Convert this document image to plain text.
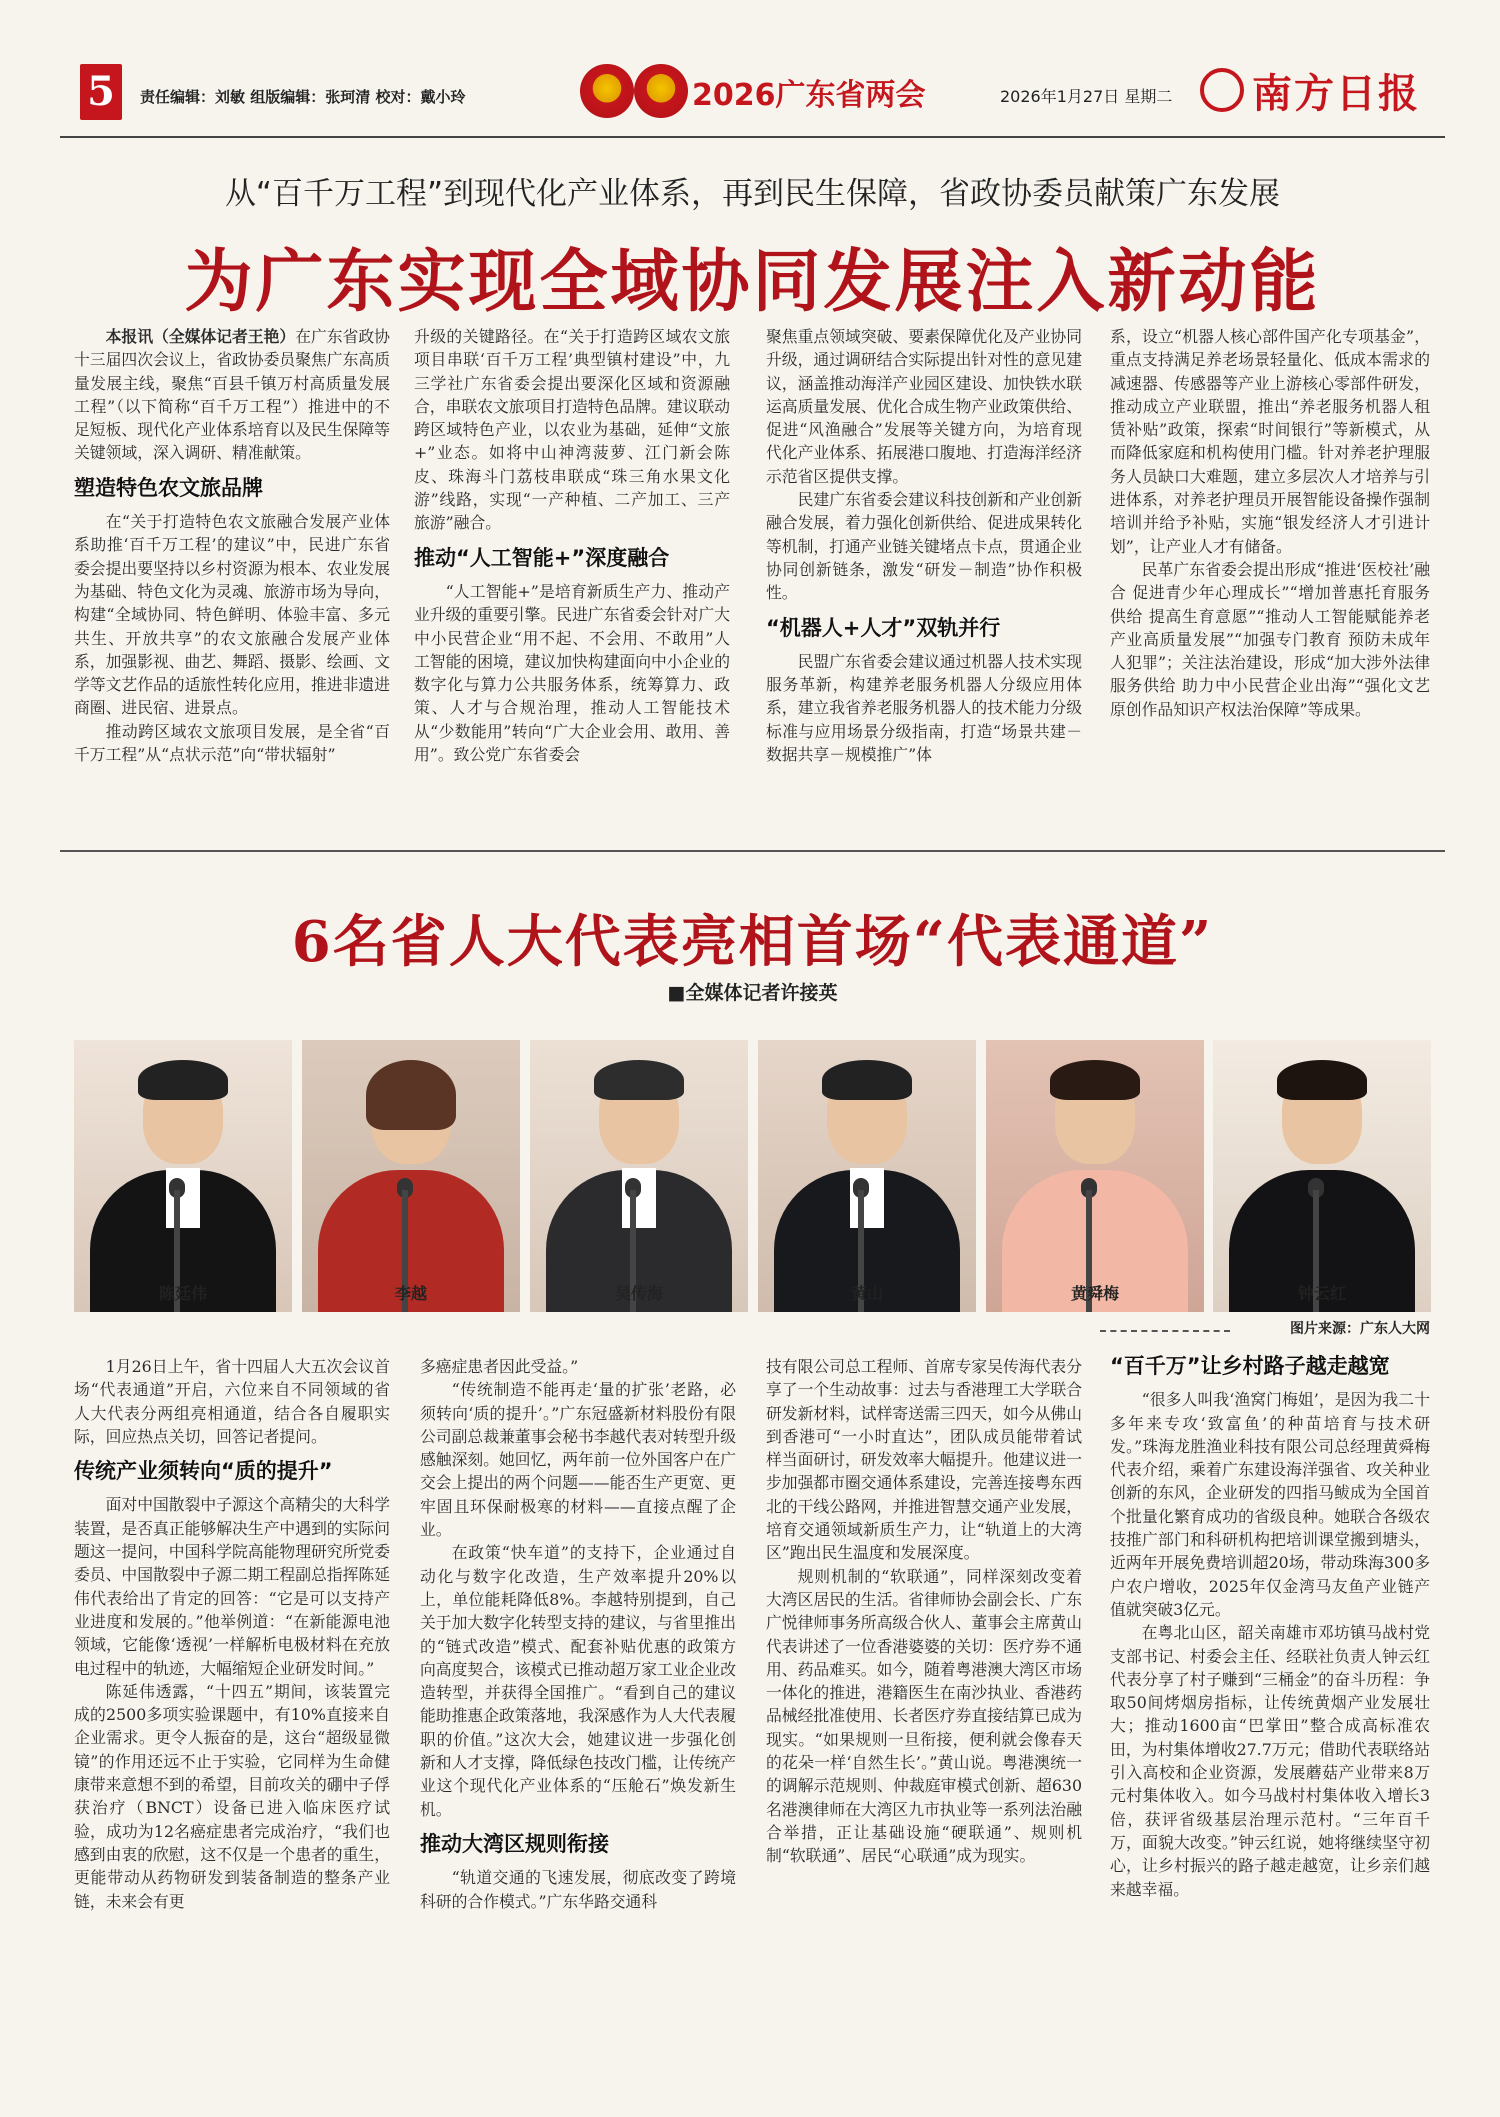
5	责任编辑：刘敏 组版编辑：张珂清 校对：戴小玲	2026广东省两会	2026年1月27日 星期二 南方日报
从“百千万工程”到现代化产业体系，再到民生保障，省政协委员献策广东发展
为广东实现全域协同发展注入新动能

本报讯（全媒体记者王艳）在广东省政协十三届四次会议上，省政协委员聚焦广东高质量发展主线，聚焦“百县千镇万村高质量发展工程”（以下简称“百千万工程”）推进中的不足短板、现代化产业体系培育以及民生保障等关键领域，深入调研、精准献策。

塑造特色农文旅品牌

在“关于打造特色农文旅融合发展产业体系助推‘百千万工程’的建议”中，民进广东省委会提出要坚持以乡村资源为根本、农业发展为基础、特色文化为灵魂、旅游市场为导向，构建“全域协同、特色鲜明、体验丰富、多元共生、开放共享”的农文旅融合发展产业体系，加强影视、曲艺、舞蹈、摄影、绘画、文学等文艺作品的适旅性转化应用，推进非遗进商圈、进民宿、进景点。

推动跨区域农文旅项目发展，是全省“百千万工程”从“点状示范”向“带状辐射”

升级的关键路径。在“关于打造跨区域农文旅项目串联‘百千万工程’典型镇村建设”中，九三学社广东省委会提出要深化区域和资源融合，串联农文旅项目打造特色品牌。建议联动跨区域特色产业，以农业为基础，延伸“文旅+”业态。如将中山神湾菠萝、江门新会陈皮、珠海斗门荔枝串联成“珠三角水果文化游”线路，实现“一产种植、二产加工、三产旅游”融合。

推动“人工智能+”深度融合

“人工智能+”是培育新质生产力、推动产业升级的重要引擎。民进广东省委会针对广大中小民营企业“用不起、不会用、不敢用”人工智能的困境，建议加快构建面向中小企业的数字化与算力公共服务体系，统筹算力、政策、人才与合规治理，推动人工智能技术从“少数能用”转向“广大企业会用、敢用、善用”。致公党广东省委会

聚焦重点领域突破、要素保障优化及产业协同升级，通过调研结合实际提出针对性的意见建议，涵盖推动海洋产业园区建设、加快铁水联运高质量发展、优化合成生物产业政策供给、促进“风渔融合”发展等关键方向，为培育现代化产业体系、拓展港口腹地、打造海洋经济示范省区提供支撑。

民建广东省委会建议科技创新和产业创新融合发展，着力强化创新供给、促进成果转化等机制，打通产业链关键堵点卡点，贯通企业协同创新链条，激发“研发－制造”协作积极性。

“机器人+人才”双轨并行

民盟广东省委会建议通过机器人技术实现服务革新，构建养老服务机器人分级应用体系，建立我省养老服务机器人的技术能力分级标准与应用场景分级指南，打造“场景共建－数据共享－规模推广”体

系，设立“机器人核心部件国产化专项基金”，重点支持满足养老场景轻量化、低成本需求的减速器、传感器等产业上游核心零部件研发，推动成立产业联盟，推出“养老服务机器人租赁补贴”政策，探索“时间银行”等新模式，从而降低家庭和机构使用门槛。针对养老护理服务人员缺口大难题，建立多层次人才培养与引进体系，对养老护理员开展智能设备操作强制培训并给予补贴，实施“银发经济人才引进计划”，让产业人才有储备。

民革广东省委会提出形成“推进‘医校社’融合 促进青少年心理成长”“增加普惠托育服务供给 提高生育意愿”“推动人工智能赋能养老产业高质量发展”“加强专门教育 预防未成年人犯罪”；关注法治建设，形成“加大涉外法律服务供给 助力中小民营企业出海”“强化文艺原创作品知识产权法治保障”等成果。

6名省人大代表亮相首场“代表通道”
■全媒体记者许接英
陈廷伟	李越	吴传海	黄山	黄舜梅	钟云红
图片来源：广东人大网

1月26日上午，省十四届人大五次会议首场“代表通道”开启，六位来自不同领域的省人大代表分两组亮相通道，结合各自履职实际，回应热点关切，回答记者提问。

传统产业须转向“质的提升”

面对中国散裂中子源这个高精尖的大科学装置，是否真正能够解决生产中遇到的实际问题这一提问，中国科学院高能物理研究所党委委员、中国散裂中子源二期工程副总指挥陈延伟代表给出了肯定的回答：“它是可以支持产业进度和发展的。”他举例道：“在新能源电池领域，它能像‘透视’一样解析电极材料在充放电过程中的轨迹，大幅缩短企业研发时间。”

陈延伟透露，“十四五”期间，该装置完成的2500多项实验课题中，有10%直接来自企业需求。更令人振奋的是，这台“超级显微镜”的作用还远不止于实验，它同样为生命健康带来意想不到的希望，目前攻关的硼中子俘获治疗（BNCT）设备已进入临床医疗试验，成功为12名癌症患者完成治疗，“我们也感到由衷的欣慰，这不仅是一个患者的重生，更能带动从药物研发到装备制造的整条产业链，未来会有更

多癌症患者因此受益。”

“传统制造不能再走‘量的扩张’老路，必须转向‘质的提升’。”广东冠盛新材料股份有限公司副总裁兼董事会秘书李越代表对转型升级感触深刻。她回忆，两年前一位外国客户在广交会上提出的两个问题——能否生产更宽、更牢固且环保耐极寒的材料——直接点醒了企业。

在政策“快车道”的支持下，企业通过自动化与数字化改造，生产效率提升20%以上，单位能耗降低8%。李越特别提到，自己关于加大数字化转型支持的建议，与省里推出的“链式改造”模式、配套补贴优惠的政策方向高度契合，该模式已推动超万家工业企业改造转型，并获得全国推广。“看到自己的建议能助推惠企政策落地，我深感作为人大代表履职的价值。”这次大会，她建议进一步强化创新和人才支撑，降低绿色技改门槛，让传统产业这个现代化产业体系的“压舱石”焕发新生机。

推动大湾区规则衔接

“轨道交通的飞速发展，彻底改变了跨境科研的合作模式。”广东华路交通科

技有限公司总工程师、首席专家吴传海代表分享了一个生动故事：过去与香港理工大学联合研发新材料，试样寄送需三四天，如今从佛山到香港可“一小时直达”，团队成员能带着试样当面研讨，研发效率大幅提升。他建议进一步加强都市圈交通体系建设，完善连接粤东西北的干线公路网，并推进智慧交通产业发展，培育交通领域新质生产力，让“轨道上的大湾区”跑出民生温度和发展深度。

规则机制的“软联通”，同样深刻改变着大湾区居民的生活。省律师协会副会长、广东广悦律师事务所高级合伙人、董事会主席黄山代表讲述了一位香港婆婆的关切：医疗券不通用、药品难买。如今，随着粤港澳大湾区市场一体化的推进，港籍医生在南沙执业、香港药品械经批准使用、长者医疗券直接结算已成为现实。“如果规则一旦衔接，便利就会像春天的花朵一样‘自然生长’。”黄山说。粤港澳统一的调解示范规则、仲裁庭审模式创新、超630名港澳律师在大湾区九市执业等一系列法治融合举措，正让基础设施“硬联通”、规则机制“软联通”、居民“心联通”成为现实。

“百千万”让乡村路子越走越宽

“很多人叫我‘渔窝门梅姐’，是因为我二十多年来专攻‘致富鱼’的种苗培育与技术研发。”珠海龙胜渔业科技有限公司总经理黄舜梅代表介绍，乘着广东建设海洋强省、攻关种业创新的东风，企业研发的四指马鲅成为全国首个批量化繁育成功的省级良种。她联合各级农技推广部门和科研机构把培训课堂搬到塘头，近两年开展免费培训超20场，带动珠海300多户农户增收，2025年仅金湾马友鱼产业链产值就突破3亿元。

在粤北山区，韶关南雄市邓坊镇马战村党支部书记、村委会主任、经联社负责人钟云红代表分享了村子赚到“三桶金”的奋斗历程：争取50间烤烟房指标，让传统黄烟产业发展壮大；推动1600亩“巴掌田”整合成高标准农田，为村集体增收27.7万元；借助代表联络站引入高校和企业资源，发展蘑菇产业带来8万元村集体收入。如今马战村村集体收入增长3倍，获评省级基层治理示范村。“三年百千万，面貌大改变。”钟云红说，她将继续坚守初心，让乡村振兴的路子越走越宽，让乡亲们越来越幸福。
